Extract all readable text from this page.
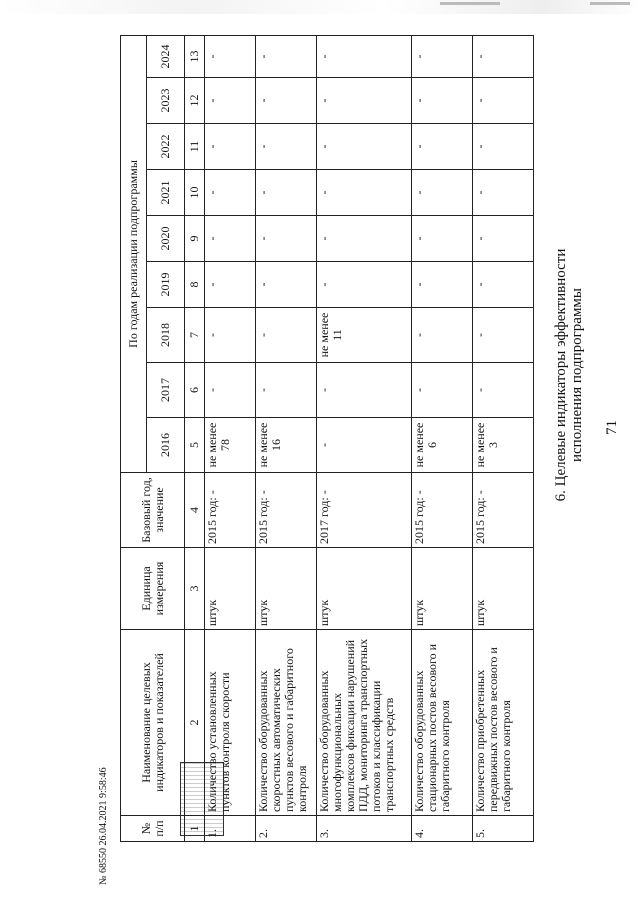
71
6. Целевые индикаторы эффективности исполнения подпрограммы
№ 68550 26.04.2021 9:58:46 № п/п	Наименование целевых индикаторов и показателей	Единица измерения	Базовый год, значение	По годам реализации подпрограммы								
				2016	2017	2018	2019	2020	2021	2022	2023	2024
1	2	3	4	5	6	7	8	9	10	11	12	13
1.	Количество установленных пунктов контроля скорости	штук	2015 год: -	не менее 78	-	-	-	-	-	-	-	-
2.	Количество оборудованных скоростных автоматических пунктов весового и габаритного контроля	штук	2015 год: -	не менее 16	-	-	-	-	-	-	-	-
3.	Количество оборудованных многофункциональных комплексов фиксации нарушений ПДД, мониторинга транспортных потоков и классификации транспортных средств	штук	2017 год: -	-	-	не менее 11	-	-	-	-	-	-
4.	Количество оборудованных стационарных постов весового и габаритного контроля	штук	2015 год: -	не менее 6	-	-	-	-	-	-	-	-
5.	Количество приобретенных передвижных постов весового и габаритного контроля	штук	2015 год: -	не менее 3	-	-	-	-	-	-	-	-
